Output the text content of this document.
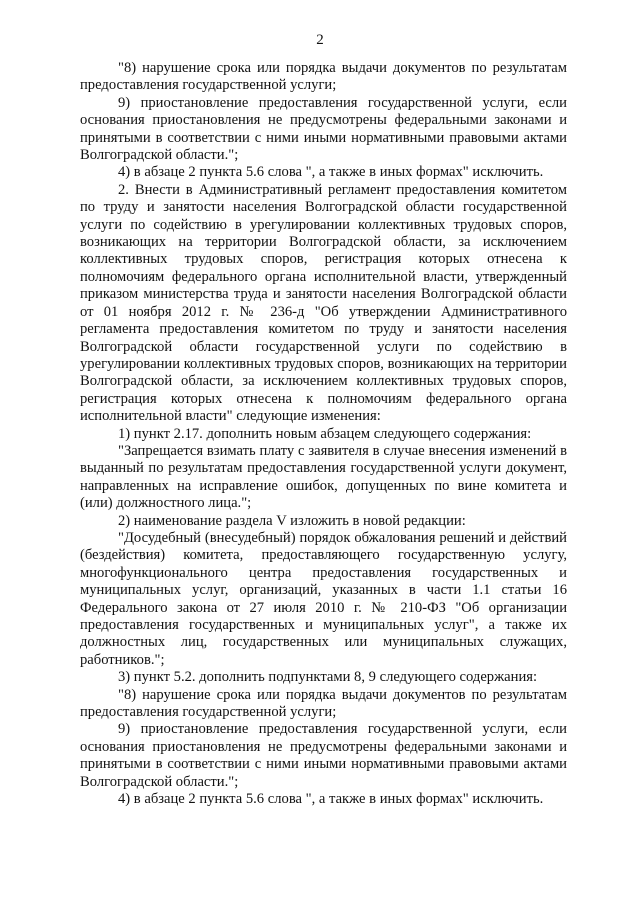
2

"8) нарушение срока или порядка выдачи документов по результатам предоставления государственной услуги;

9) приостановление предоставления государственной услуги, если основания приостановления не предусмотрены федеральными законами и принятыми в соответствии с ними иными нормативными правовыми актами Волгоградской области.";

4) в абзаце 2 пункта 5.6 слова ", а также в иных формах" исключить.

2. Внести в Административный регламент предоставления комитетом по труду и занятости населения Волгоградской области государственной услуги по содействию в урегулировании коллективных трудовых споров, возникающих на территории Волгоградской области, за исключением коллективных трудовых споров, регистрация которых отнесена к полномочиям федерального органа исполнительной власти, утвержденный приказом министерства труда и занятости населения Волгоградской области от 01 ноября 2012 г. № 236-д "Об утверждении Административного регламента предоставления комитетом по труду и занятости населения Волгоградской области государственной услуги по содействию в урегулировании коллективных трудовых споров, возникающих на территории Волгоградской области, за исключением коллективных трудовых споров, регистрация которых отнесена к полномочиям федерального органа исполнительной власти" следующие изменения:

1) пункт 2.17. дополнить новым абзацем следующего содержания:

"Запрещается взимать плату с заявителя в случае внесения изменений в выданный по результатам предоставления государственной услуги документ, направленных на исправление ошибок, допущенных по вине комитета и (или) должностного лица.";

2) наименование раздела V изложить в новой редакции:

"Досудебный (внесудебный) порядок обжалования решений и действий (бездействия) комитета, предоставляющего государственную услугу, многофункционального центра предоставления государственных и муниципальных услуг, организаций, указанных в части 1.1 статьи 16 Федерального закона от 27 июля 2010 г. № 210-ФЗ "Об организации предоставления государственных и муниципальных услуг", а также их должностных лиц, государственных или муниципальных служащих, работников.";

3) пункт 5.2. дополнить подпунктами 8, 9 следующего содержания:

"8) нарушение срока или порядка выдачи документов по результатам предоставления государственной услуги;

9) приостановление предоставления государственной услуги, если основания приостановления не предусмотрены федеральными законами и принятыми в соответствии с ними иными нормативными правовыми актами Волгоградской области.";

4) в абзаце 2 пункта 5.6 слова ", а также в иных формах" исключить.
